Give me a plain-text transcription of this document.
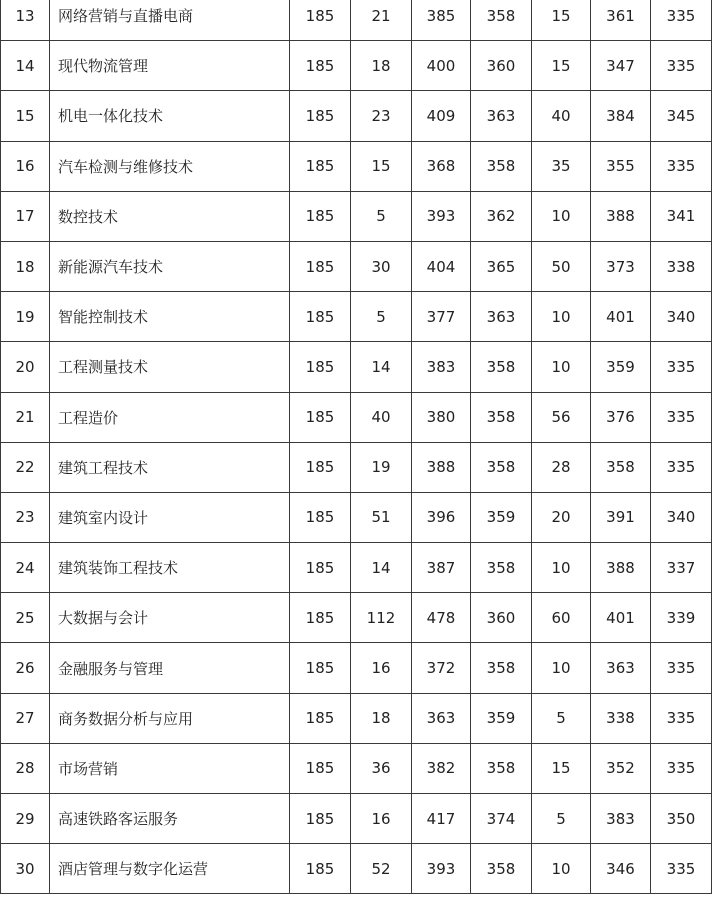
13	网络营销与直播电商	185	21	385	358	15	361	335
14	现代物流管理	185	18	400	360	15	347	335
15	机电一体化技术	185	23	409	363	40	384	345
16	汽车检测与维修技术	185	15	368	358	35	355	335
17	数控技术	185	5	393	362	10	388	341
18	新能源汽车技术	185	30	404	365	50	373	338
19	智能控制技术	185	5	377	363	10	401	340
20	工程测量技术	185	14	383	358	10	359	335
21	工程造价	185	40	380	358	56	376	335
22	建筑工程技术	185	19	388	358	28	358	335
23	建筑室内设计	185	51	396	359	20	391	340
24	建筑装饰工程技术	185	14	387	358	10	388	337
25	大数据与会计	185	112	478	360	60	401	339
26	金融服务与管理	185	16	372	358	10	363	335
27	商务数据分析与应用	185	18	363	359	5	338	335
28	市场营销	185	36	382	358	15	352	335
29	高速铁路客运服务	185	16	417	374	5	383	350
30	酒店管理与数字化运营	185	52	393	358	10	346	335
